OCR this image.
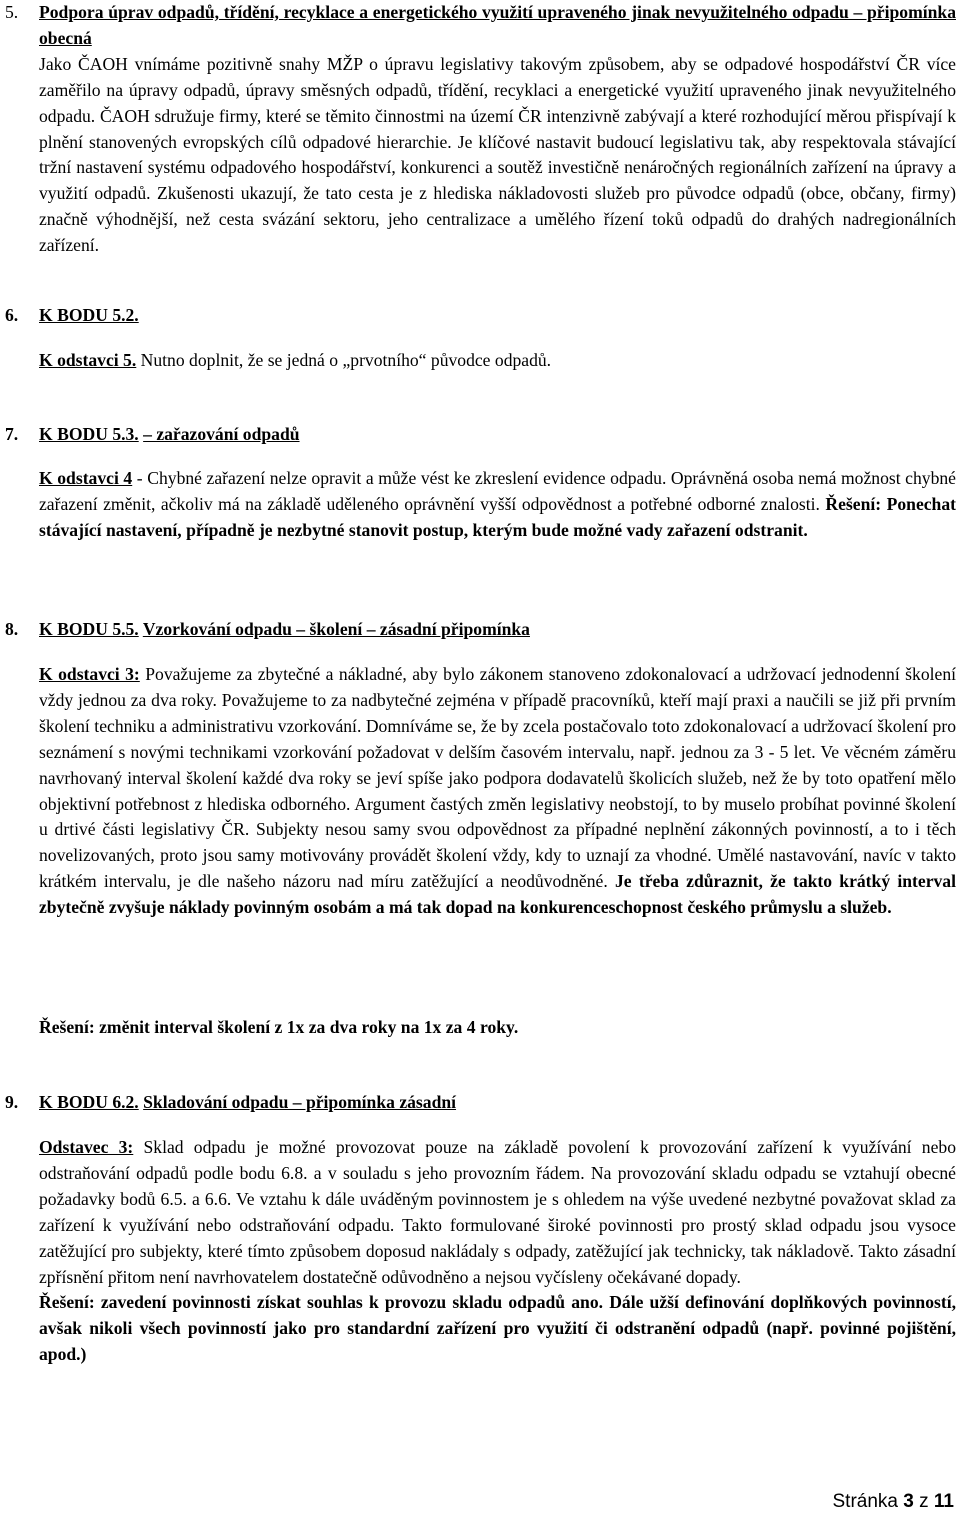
5. Podpora úprav odpadů, třídění, recyklace a energetického využití upraveného jinak nevyužitelného odpadu – připomínka obecná

Jako ČAOH vnímáme pozitivně snahy MŽP o úpravu legislativy takovým způsobem, aby se odpadové hospodářství ČR více zaměřilo na úpravy odpadů, úpravy směsných odpadů, třídění, recyklaci a energetické využití upraveného jinak nevyužitelného odpadu. ČAOH sdružuje firmy, které se těmito činnostmi na území ČR intenzivně zabývají a které rozhodující měrou přispívají k plnění stanovených evropských cílů odpadové hierarchie. Je klíčové nastavit budoucí legislativu tak, aby respektovala stávající tržní nastavení systému odpadového hospodářství, konkurenci a soutěž investičně nenáročných regionálních zařízení na úpravy a využití odpadů. Zkušenosti ukazují, že tato cesta je z hlediska nákladovosti služeb pro původce odpadů (obce, občany, firmy) značně výhodnější, než cesta svázání sektoru, jeho centralizace a umělého řízení toků odpadů do drahých nadregionálních zařízení.

6. K BODU 5.2.

K odstavci 5. Nutno doplnit, že se jedná o „prvotního“ původce odpadů.

7. K BODU 5.3. – zařazování odpadů

K odstavci 4 - Chybné zařazení nelze opravit a může vést ke zkreslení evidence odpadu. Oprávněná osoba nemá možnost chybné zařazení změnit, ačkoliv má na základě uděleného oprávnění vyšší odpovědnost a potřebné odborné znalosti. Řešení: Ponechat stávající nastavení, případně je nezbytné stanovit postup, kterým bude možné vady zařazení odstranit.

8. K BODU 5.5. Vzorkování odpadu – školení – zásadní připomínka

K odstavci 3: Považujeme za zbytečné a nákladné, aby bylo zákonem stanoveno zdokonalovací a udržovací jednodenní školení vždy jednou za dva roky. Považujeme to za nadbytečné zejména v případě pracovníků, kteří mají praxi a naučili se již při prvním školení techniku a administrativu vzorkování. Domníváme se, že by zcela postačovalo toto zdokonalovací a udržovací školení pro seznámení s novými technikami vzorkování požadovat v delším časovém intervalu, např. jednou za 3 - 5 let. Ve věcném záměru navrhovaný interval školení každé dva roky se jeví spíše jako podpora dodavatelů školicích služeb, než že by toto opatření mělo objektivní potřebnost z hlediska odborného. Argument častých změn legislativy neobstojí, to by muselo probíhat povinné školení u drtivé části legislativy ČR. Subjekty nesou samy svou odpovědnost za případné neplnění zákonných povinností, a to i těch novelizovaných, proto jsou samy motivovány provádět školení vždy, kdy to uznají za vhodné. Umělé nastavování, navíc v takto krátkém intervalu, je dle našeho názoru nad míru zatěžující a neodůvodněné. Je třeba zdůraznit, že takto krátký interval zbytečně zvyšuje náklady povinným osobám a má tak dopad na konkurenceschopnost českého průmyslu a služeb.

Řešení: změnit interval školení z 1x za dva roky na 1x za 4 roky.

9. K BODU 6.2. Skladování odpadu – připomínka zásadní

Odstavec 3: Sklad odpadu je možné provozovat pouze na základě povolení k provozování zařízení k využívání nebo odstraňování odpadů podle bodu 6.8. a v souladu s jeho provozním řádem. Na provozování skladu odpadu se vztahují obecné požadavky bodů 6.5. a 6.6. Ve vztahu k dále uváděným povinnostem je s ohledem na výše uvedené nezbytné považovat sklad za zařízení k využívání nebo odstraňování odpadu. Takto formulované široké povinnosti pro prostý sklad odpadu jsou vysoce zatěžující pro subjekty, které tímto způsobem doposud nakládaly s odpady, zatěžující jak technicky, tak nákladově. Takto zásadní zpřísnění přitom není navrhovatelem dostatečně odůvodněno a nejsou vyčísleny očekávané dopady.

Řešení: zavedení povinnosti získat souhlas k provozu skladu odpadů ano. Dále užší definování doplňkových povinností, avšak nikoli všech povinností jako pro standardní zařízení pro využití či odstranění odpadů (např. povinné pojištění, apod.)

Stránka 3 z 11
